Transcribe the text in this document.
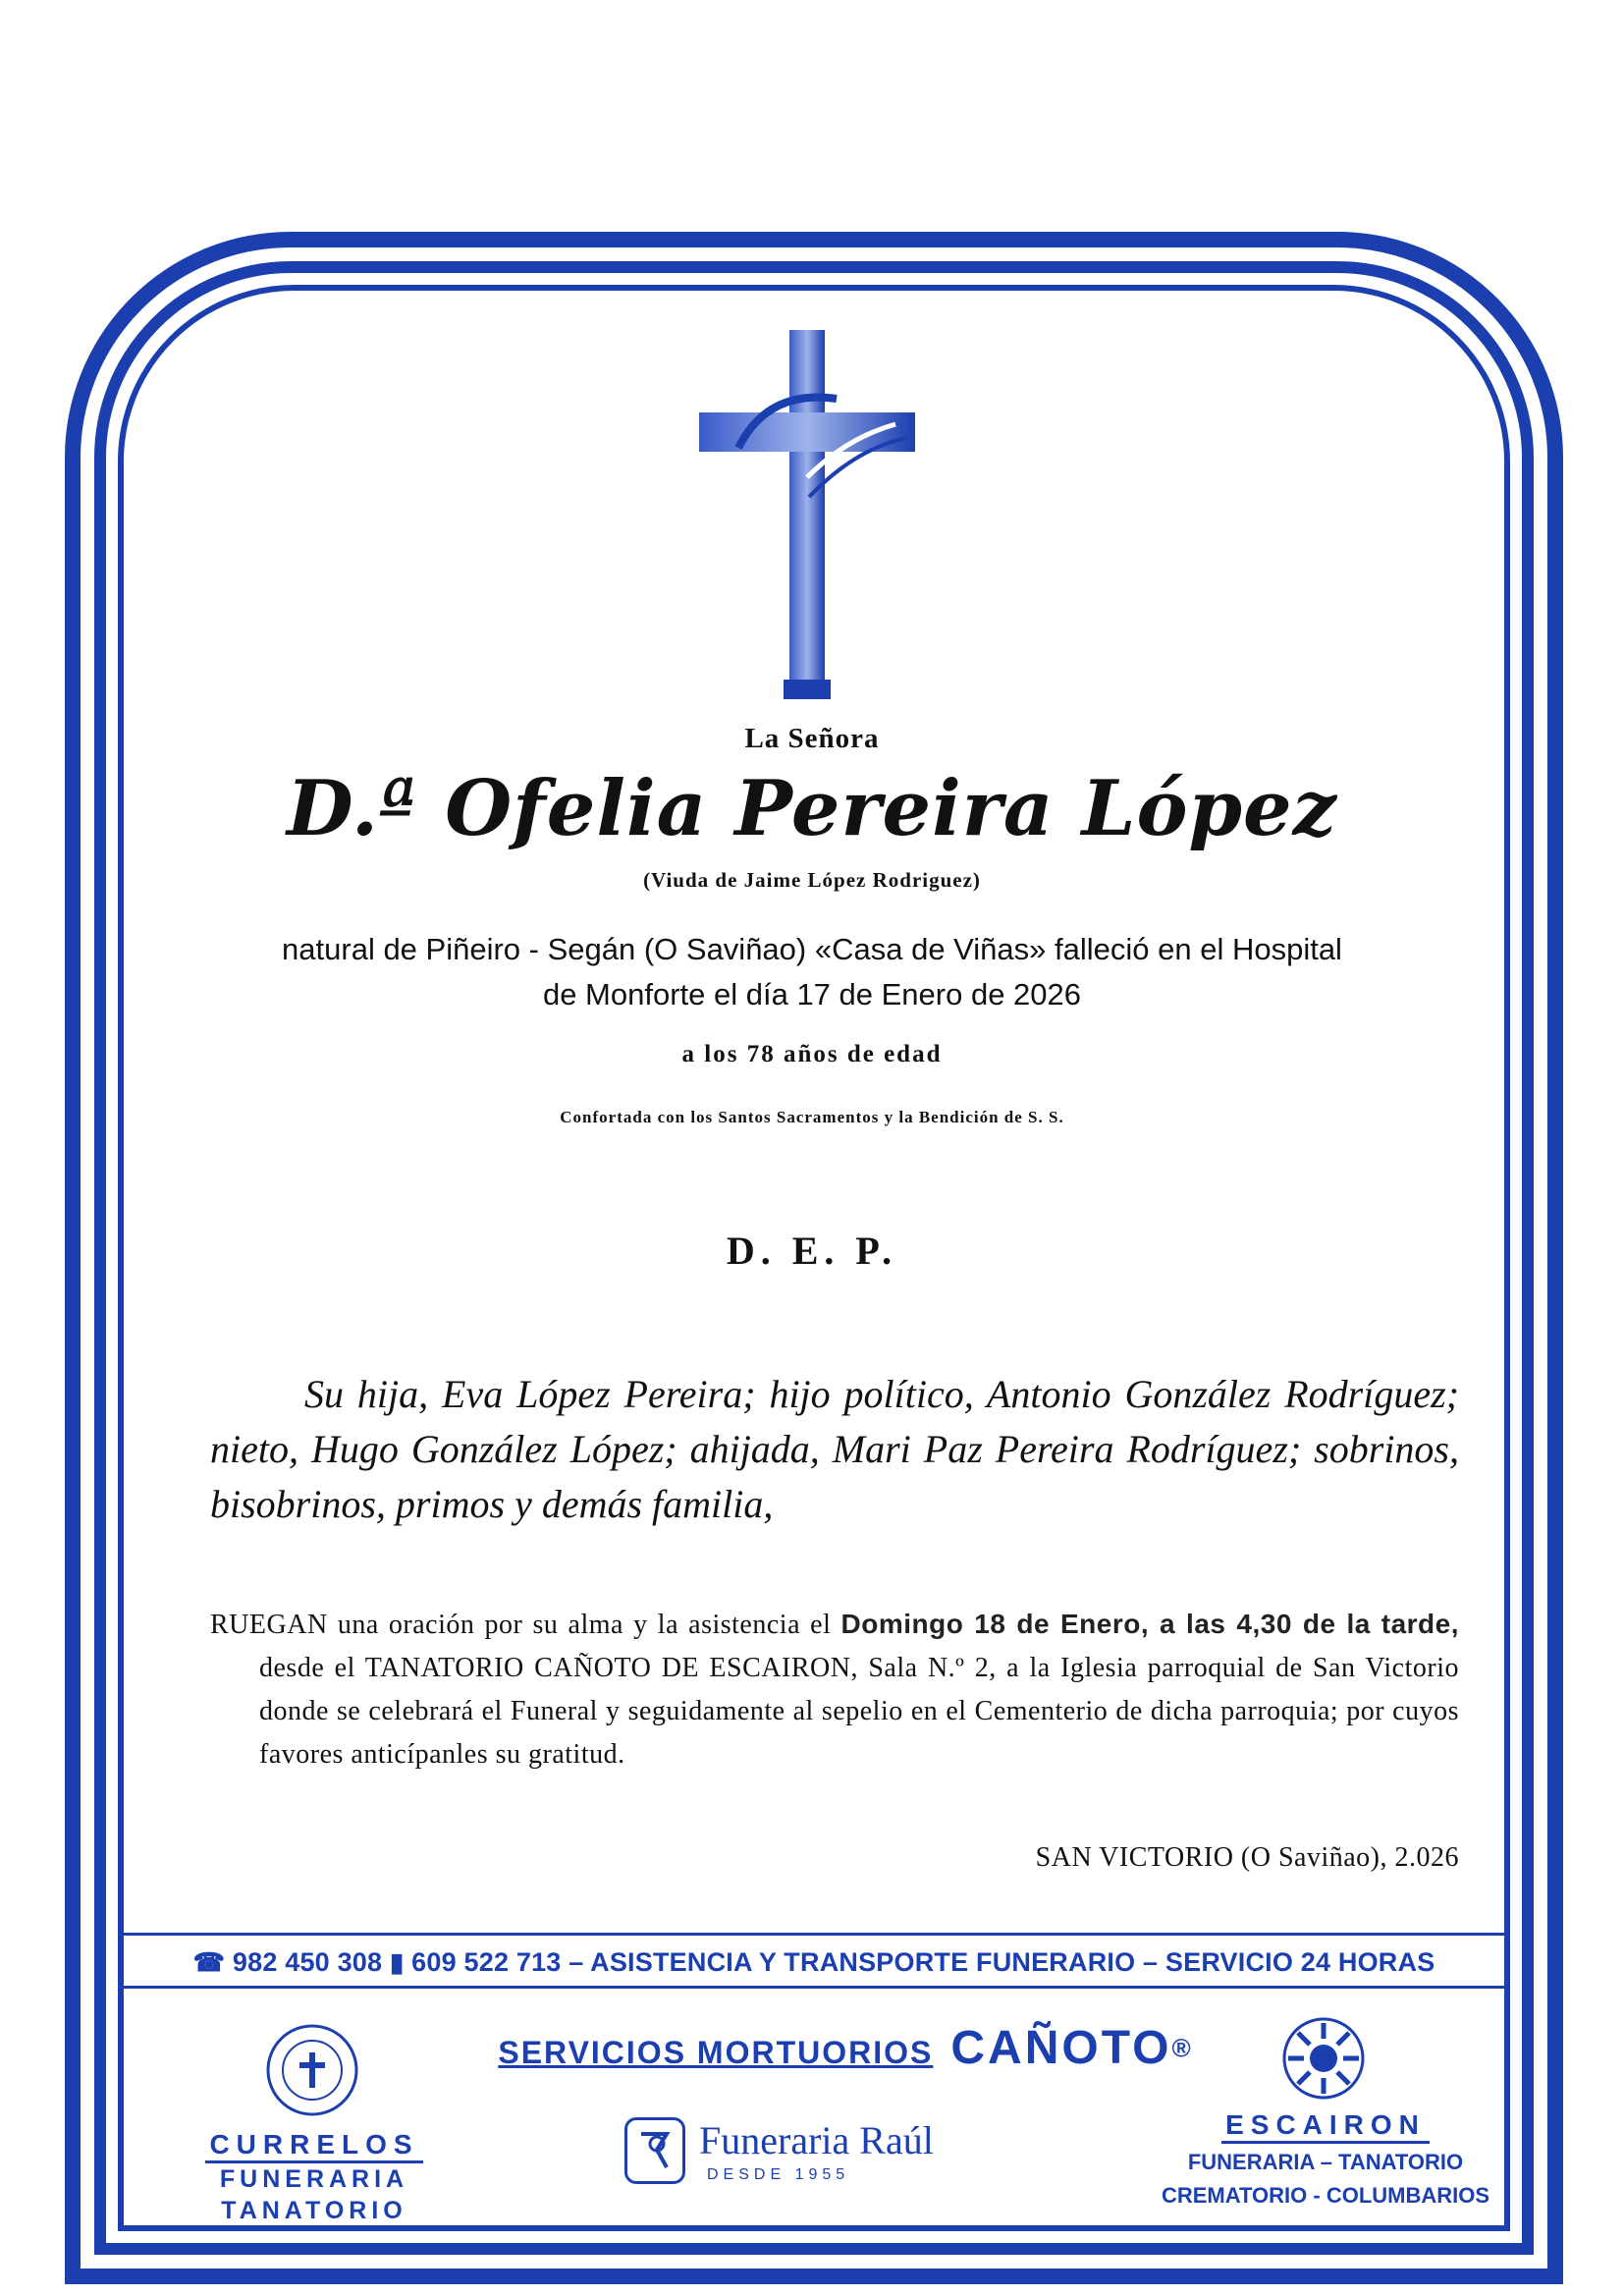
La Señora
D.ª Ofelia Pereira López
(Viuda de Jaime López Rodriguez)
natural de Piñeiro - Segán (O Saviñao) «Casa de Viñas» falleció en el Hospital
de Monforte el día 17 de Enero de 2026
a los 78 años de edad
Confortada con los Santos Sacramentos y la Bendición de S. S.
D. E. P.
Su hija, Eva López Pereira; hijo político, Antonio González Rodríguez; nieto, Hugo González López; ahijada, Mari Paz Pereira Rodríguez; sobrinos, bisobrinos, primos y demás familia,
RUEGAN una oración por su alma y la asistencia el Domingo 18 de Enero, a las 4,30 de la tarde, desde el TANATORIO CAÑOTO DE ESCAIRON, Sala N.º 2, a la Iglesia parroquial de San Victorio donde se celebrará el Funeral y seguidamente al sepelio en el Cementerio de dicha parroquia; por cuyos favores anticípanles su gratitud.
SAN VICTORIO (O Saviñao), 2.026
☎ 982 450 308 ▮ 609 522 713 – ASISTENCIA Y TRANSPORTE FUNERARIO – SERVICIO 24 HORAS
SERVICIOS MORTUORIOS CAÑOTO®
CURRELOS
FUNERARIA
TANATORIO
Funeraria Raúl
DESDE 1955
ESCAIRON
FUNERARIA – TANATORIO
CREMATORIO - COLUMBARIOS
